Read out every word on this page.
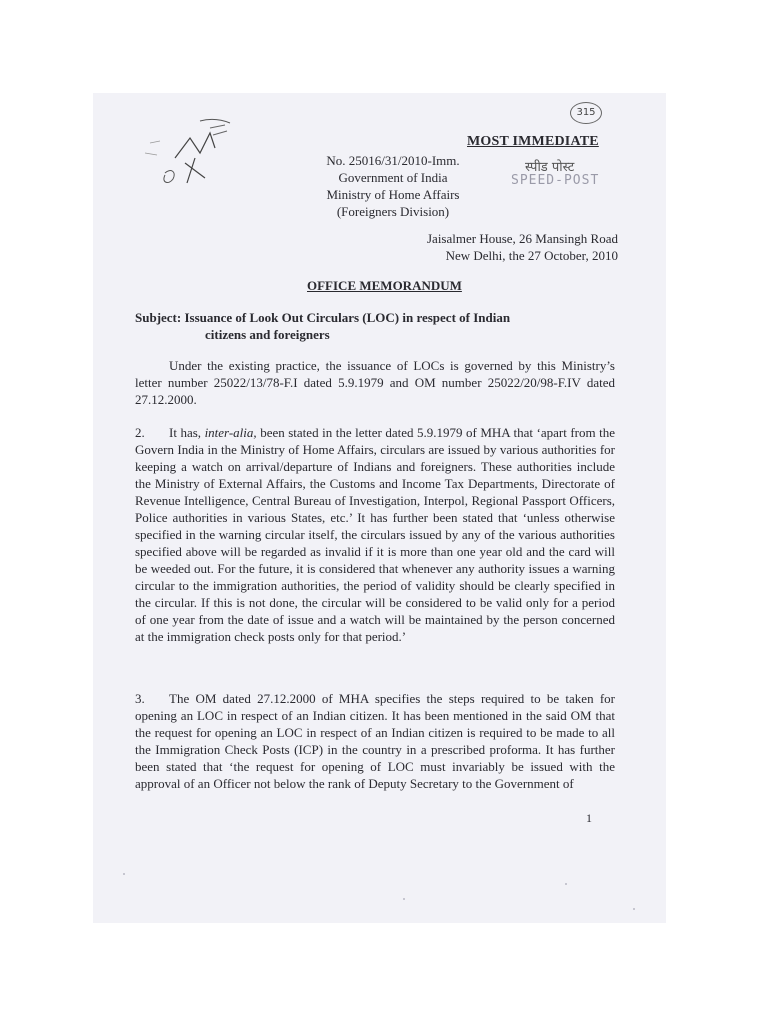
315
MOST IMMEDIATE
स्पीड पोस्ट
SPEED-POST
No. 25016/31/2010-Imm.
Government of India
Ministry of Home Affairs
(Foreigners Division)
Jaisalmer House, 26 Mansingh Road
New Delhi, the 27 October, 2010
OFFICE MEMORANDUM
Subject: Issuance of Look Out Circulars (LOC) in respect of Indian
citizens and foreigners
Under the existing practice, the issuance of LOCs is governed by this Ministry’s letter number 25022/13/78-F.I dated 5.9.1979 and OM number 25022/20/98-F.IV dated 27.12.2000.
2. It has, inter-alia, been stated in the letter dated 5.9.1979 of MHA that ‘apart from the Govern India in the Ministry of Home Affairs, circulars are issued by various authorities for keeping a watch on arrival/departure of Indians and foreigners. These authorities include the Ministry of External Affairs, the Customs and Income Tax Departments, Directorate of Revenue Intelligence, Central Bureau of Investigation, Interpol, Regional Passport Officers, Police authorities in various States, etc.’ It has further been stated that ‘unless otherwise specified in the warning circular itself, the circulars issued by any of the various authorities specified above will be regarded as invalid if it is more than one year old and the card will be weeded out. For the future, it is considered that whenever any authority issues a warning circular to the immigration authorities, the period of validity should be clearly specified in the circular. If this is not done, the circular will be considered to be valid only for a period of one year from the date of issue and a watch will be maintained by the person concerned at the immigration check posts only for that period.’
3. The OM dated 27.12.2000 of MHA specifies the steps required to be taken for opening an LOC in respect of an Indian citizen. It has been mentioned in the said OM that the request for opening an LOC in respect of an Indian citizen is required to be made to all the Immigration Check Posts (ICP) in the country in a prescribed proforma. It has further been stated that ‘the request for opening of LOC must invariably be issued with the approval of an Officer not below the rank of Deputy Secretary to the Government of
1
